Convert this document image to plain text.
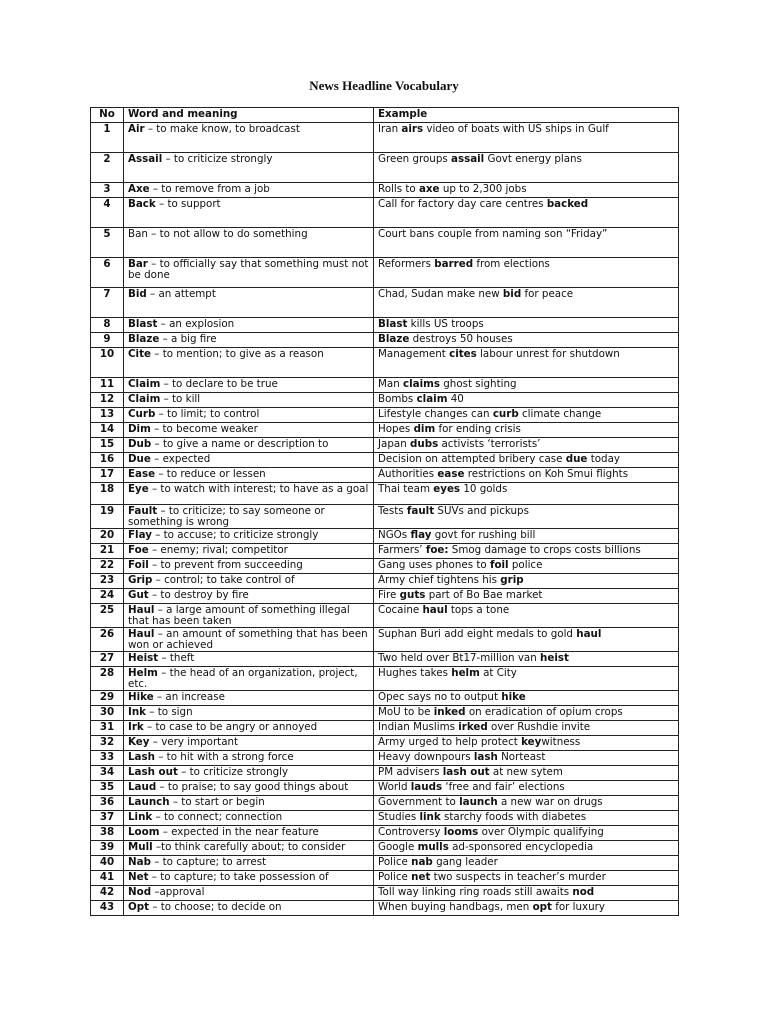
News Headline Vocabulary
No	Word and meaning	Example
1	Air – to make know, to broadcast	Iran airs video of boats with US ships in Gulf
2	Assail – to criticize strongly	Green groups assail Govt energy plans
3	Axe – to remove from a job	Rolls to axe up to 2,300 jobs
4	Back – to support	Call for factory day care centres backed
5	Ban – to not allow to do something	Court bans couple from naming son “Friday”
6	Bar – to officially say that something must not be done	Reformers barred from elections
7	Bid – an attempt	Chad, Sudan make new bid for peace
8	Blast – an explosion	Blast kills US troops
9	Blaze – a big fire	Blaze destroys 50 houses
10	Cite – to mention; to give as a reason	Management cites labour unrest for shutdown
11	Claim – to declare to be true	Man claims ghost sighting
12	Claim – to kill	Bombs claim 40
13	Curb – to limit; to control	Lifestyle changes can curb climate change
14	Dim – to become weaker	Hopes dim for ending crisis
15	Dub – to give a name or description to	Japan dubs activists ‘terrorists’
16	Due – expected	Decision on attempted bribery case due today
17	Ease – to reduce or lessen	Authorities ease restrictions on Koh Smui flights
18	Eye – to watch with interest; to have as a goal	Thai team eyes 10 golds
19	Fault – to criticize; to say someone or something is wrong	Tests fault SUVs and pickups
20	Flay – to accuse; to criticize strongly	NGOs flay govt for rushing bill
21	Foe – enemy; rival; competitor	Farmers’ foe: Smog damage to crops costs billions
22	Foil – to prevent from succeeding	Gang uses phones to foil police
23	Grip – control; to take control of	Army chief tightens his grip
24	Gut – to destroy by fire	Fire guts part of Bo Bae market
25	Haul – a large amount of something illegal that has been taken	Cocaine haul tops a tone
26	Haul – an amount of something that has been won or achieved	Suphan Buri add eight medals to gold haul
27	Heist – theft	Two held over Bt17-million van heist
28	Helm – the head of an organization, project, etc.	Hughes takes helm at City
29	Hike – an increase	Opec says no to output hike
30	Ink – to sign	MoU to be inked on eradication of opium crops
31	Irk – to case to be angry or annoyed	Indian Muslims irked over Rushdie invite
32	Key – very important	Army urged to help protect keywitness
33	Lash – to hit with a strong force	Heavy downpours lash Norteast
34	Lash out – to criticize strongly	PM advisers lash out at new sytem
35	Laud – to praise; to say good things about	World lauds ‘free and fair’ elections
36	Launch – to start or begin	Government to launch a new war on drugs
37	Link – to connect; connection	Studies link starchy foods with diabetes
38	Loom – expected in the near feature	Controversy looms over Olympic qualifying
39	Mull –to think carefully about; to consider	Google mulls ad-sponsored encyclopedia
40	Nab – to capture; to arrest	Police nab gang leader
41	Net – to capture; to take possession of	Police net two suspects in teacher’s murder
42	Nod –approval	Toll way linking ring roads still awaits nod
43	Opt – to choose; to decide on	When buying handbags, men opt for luxury
